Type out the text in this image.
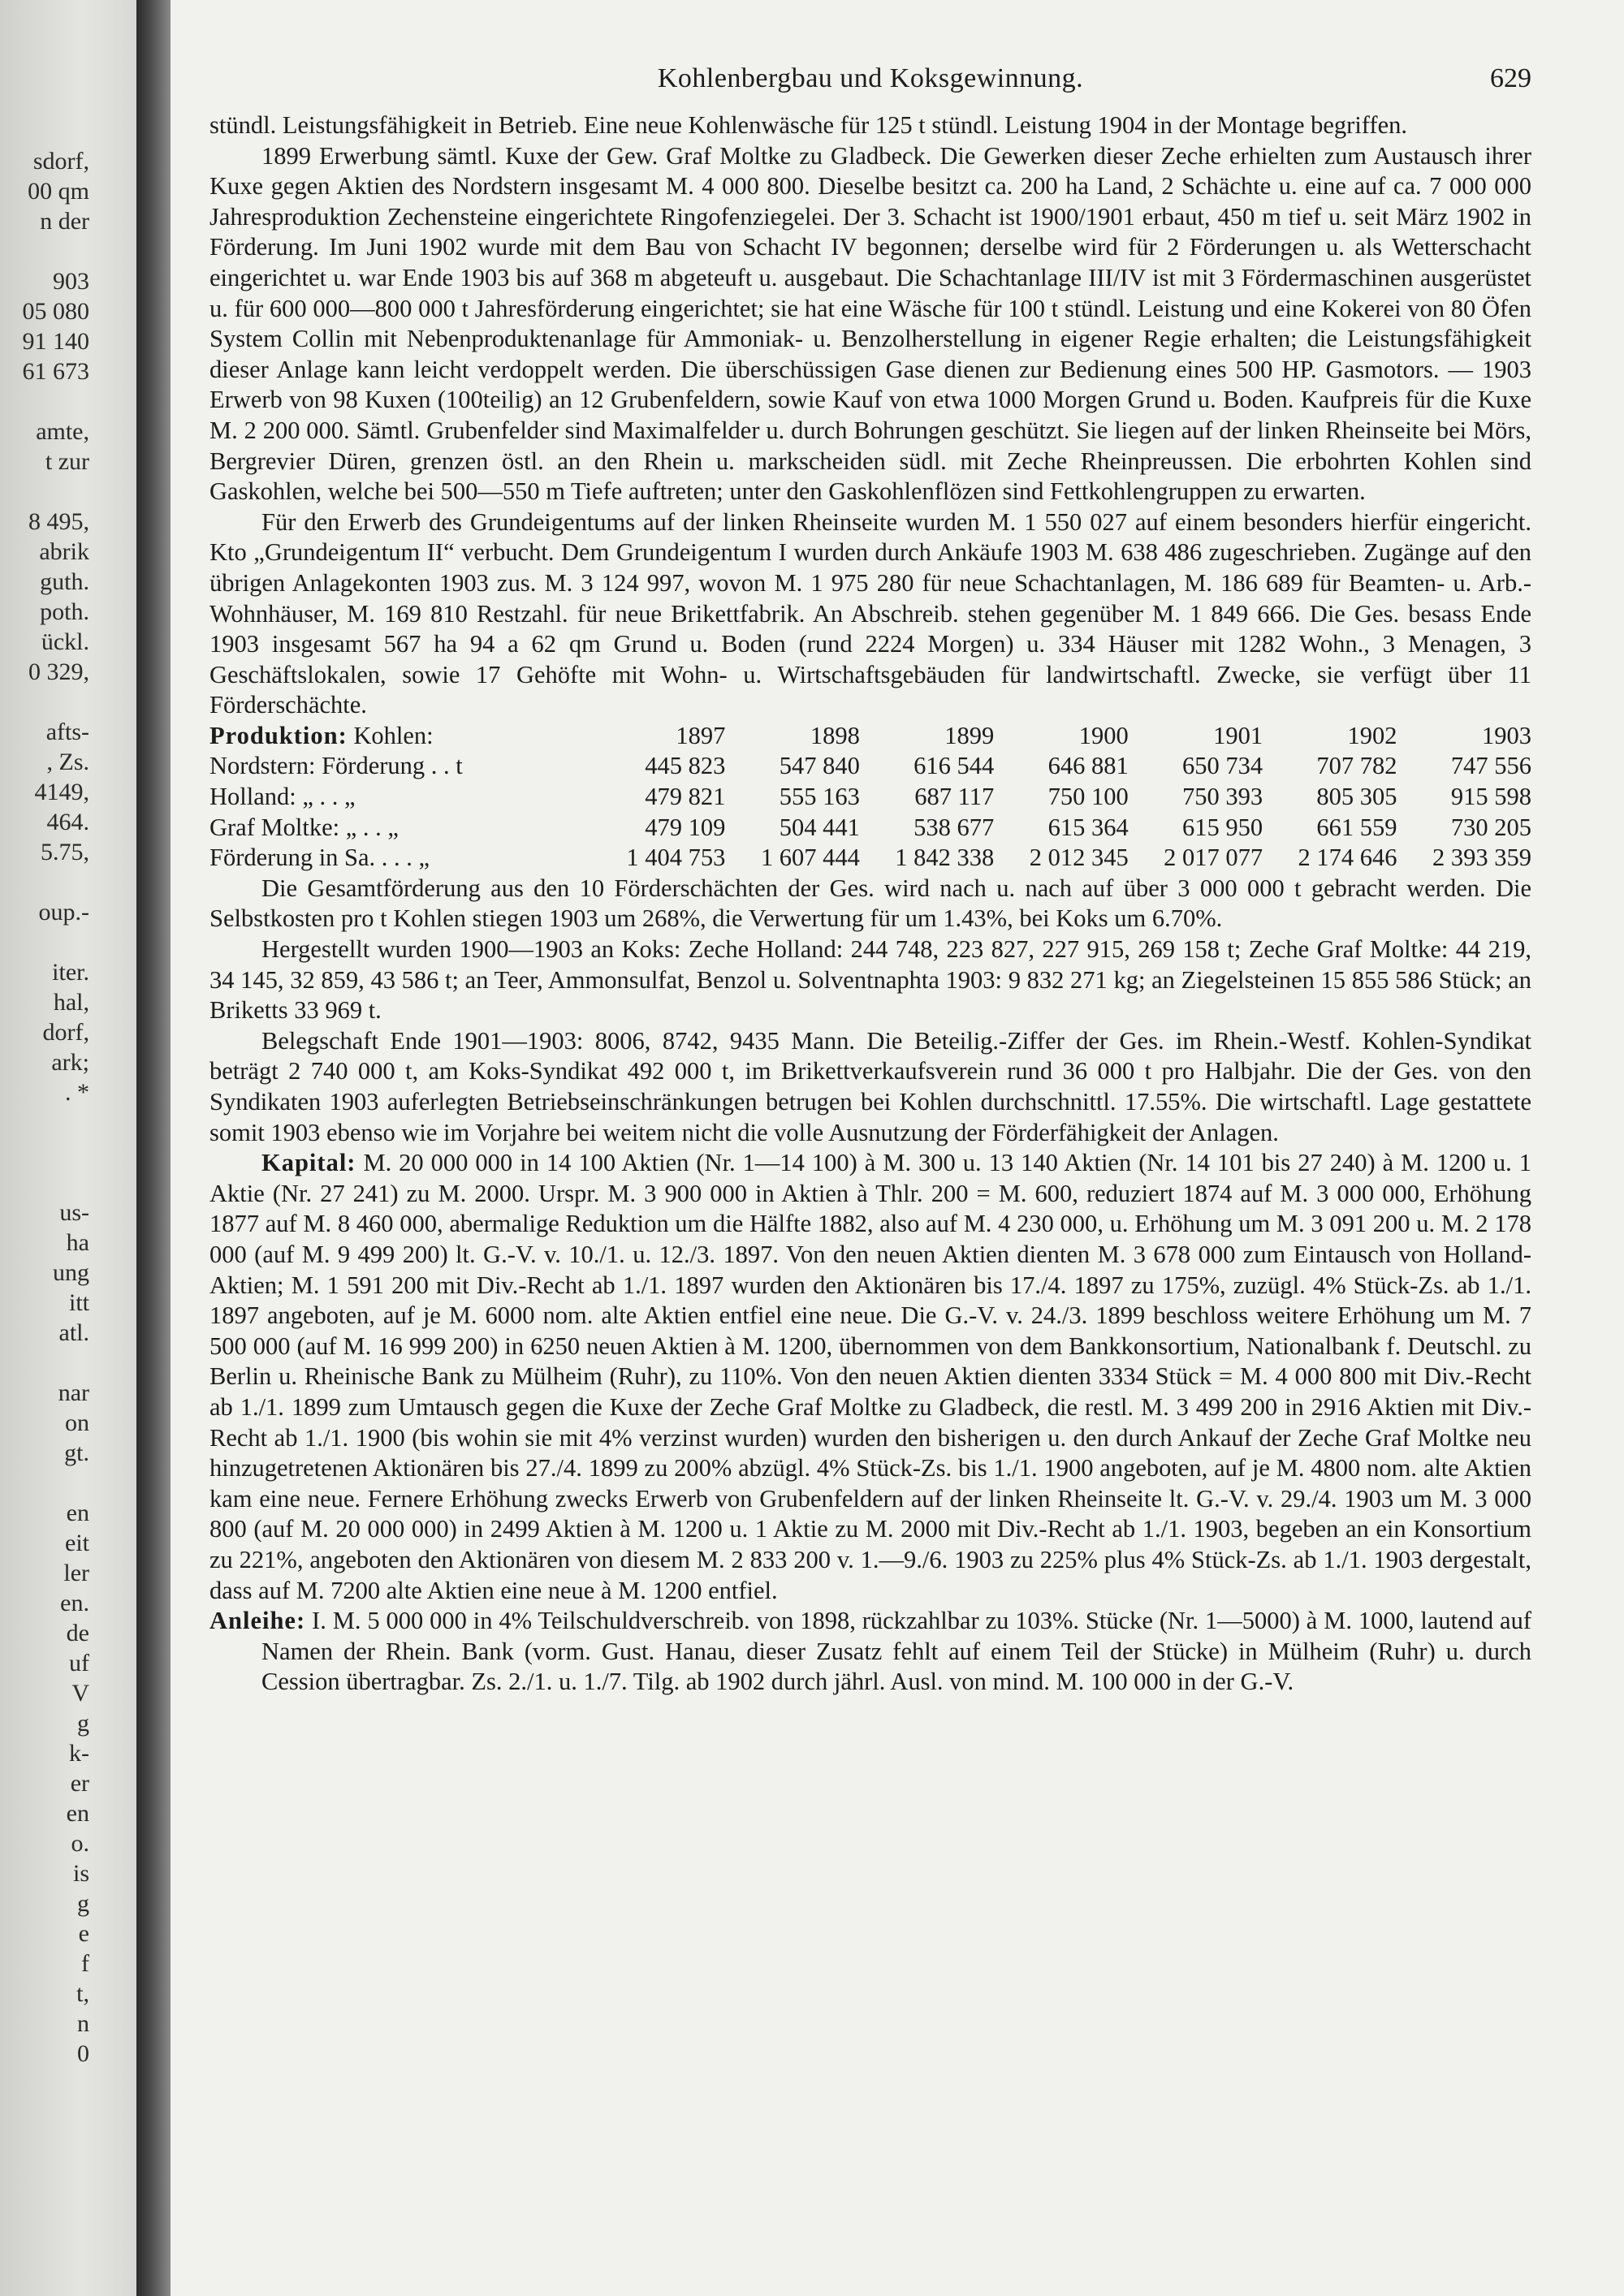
sdorf,
00 qm
n der
903
05 080
91 140
61 673
amte,
t zur
8 495,
abrik
guth.
poth.
ückl.
0 329,
afts-
, Zs.
4149,
464.
5.75,
oup.-
iter.
hal,
dorf,
ark;
. *
us-
ha
ung
itt
atl.
nar
on
gt.
en
eit
ler
en.
de
uf
V
g
k-
er
en
o.
is
g
e
f
t,
n
0
Kohlenbergbau und Koksgewinnung.	629

stündl. Leistungsfähigkeit in Betrieb. Eine neue Kohlenwäsche für 125 t stündl. Leistung 1904 in der Montage begriffen.

1899 Erwerbung sämtl. Kuxe der Gew. Graf Moltke zu Gladbeck. Die Gewerken dieser Zeche erhielten zum Austausch ihrer Kuxe gegen Aktien des Nordstern insgesamt M. 4 000 800. Dieselbe besitzt ca. 200 ha Land, 2 Schächte u. eine auf ca. 7 000 000 Jahresproduktion Zechensteine eingerichtete Ringofenziegelei. Der 3. Schacht ist 1900/1901 erbaut, 450 m tief u. seit März 1902 in Förderung. Im Juni 1902 wurde mit dem Bau von Schacht IV begonnen; derselbe wird für 2 Förderungen u. als Wetterschacht eingerichtet u. war Ende 1903 bis auf 368 m abgeteuft u. ausgebaut. Die Schachtanlage III/IV ist mit 3 Fördermaschinen ausgerüstet u. für 600 000—800 000 t Jahresförderung eingerichtet; sie hat eine Wäsche für 100 t stündl. Leistung und eine Kokerei von 80 Öfen System Collin mit Nebenproduktenanlage für Ammoniak- u. Benzolherstellung in eigener Regie erhalten; die Leistungsfähigkeit dieser Anlage kann leicht verdoppelt werden. Die überschüssigen Gase dienen zur Bedienung eines 500 HP. Gasmotors. — 1903 Erwerb von 98 Kuxen (100teilig) an 12 Grubenfeldern, sowie Kauf von etwa 1000 Morgen Grund u. Boden. Kaufpreis für die Kuxe M. 2 200 000. Sämtl. Grubenfelder sind Maximalfelder u. durch Bohrungen geschützt. Sie liegen auf der linken Rheinseite bei Mörs, Bergrevier Düren, grenzen östl. an den Rhein u. markscheiden südl. mit Zeche Rheinpreussen. Die erbohrten Kohlen sind Gaskohlen, welche bei 500—550 m Tiefe auftreten; unter den Gaskohlenflözen sind Fettkohlengruppen zu erwarten.

Für den Erwerb des Grundeigentums auf der linken Rheinseite wurden M. 1 550 027 auf einem besonders hierfür eingericht. Kto „Grundeigentum II“ verbucht. Dem Grundeigentum I wurden durch Ankäufe 1903 M. 638 486 zugeschrieben. Zugänge auf den übrigen Anlagekonten 1903 zus. M. 3 124 997, wovon M. 1 975 280 für neue Schachtanlagen, M. 186 689 für Beamten- u. Arb.-Wohnhäuser, M. 169 810 Restzahl. für neue Brikettfabrik. An Abschreib. stehen gegenüber M. 1 849 666. Die Ges. besass Ende 1903 insgesamt 567 ha 94 a 62 qm Grund u. Boden (rund 2224 Morgen) u. 334 Häuser mit 1282 Wohn., 3 Menagen, 3 Geschäftslokalen, sowie 17 Gehöfte mit Wohn- u. Wirtschaftsgebäuden für landwirtschaftl. Zwecke, sie verfügt über 11 Förderschächte.

Produktion: Kohlen:	1897	1898	1899	1900	1901	1902	1903
Nordstern: Förderung . . t	445 823	547 840	616 544	646 881	650 734	707 782	747 556
Holland: „ . . „	479 821	555 163	687 117	750 100	750 393	805 305	915 598
Graf Moltke: „ . . „	479 109	504 441	538 677	615 364	615 950	661 559	730 205
Förderung in Sa. . . . „	1 404 753	1 607 444	1 842 338	2 012 345	2 017 077	2 174 646	2 393 359

Die Gesamtförderung aus den 10 Förderschächten der Ges. wird nach u. nach auf über 3 000 000 t gebracht werden. Die Selbstkosten pro t Kohlen stiegen 1903 um 268%, die Verwertung für um 1.43%, bei Koks um 6.70%.

Hergestellt wurden 1900—1903 an Koks: Zeche Holland: 244 748, 223 827, 227 915, 269 158 t; Zeche Graf Moltke: 44 219, 34 145, 32 859, 43 586 t; an Teer, Ammonsulfat, Benzol u. Solventnaphta 1903: 9 832 271 kg; an Ziegelsteinen 15 855 586 Stück; an Briketts 33 969 t.

Belegschaft Ende 1901—1903: 8006, 8742, 9435 Mann. Die Beteilig.-Ziffer der Ges. im Rhein.-Westf. Kohlen-Syndikat beträgt 2 740 000 t, am Koks-Syndikat 492 000 t, im Brikettverkaufsverein rund 36 000 t pro Halbjahr. Die der Ges. von den Syndikaten 1903 auferlegten Betriebseinschränkungen betrugen bei Kohlen durchschnittl. 17.55%. Die wirtschaftl. Lage gestattete somit 1903 ebenso wie im Vorjahre bei weitem nicht die volle Ausnutzung der Förderfähigkeit der Anlagen.

Kapital: M. 20 000 000 in 14 100 Aktien (Nr. 1—14 100) à M. 300 u. 13 140 Aktien (Nr. 14 101 bis 27 240) à M. 1200 u. 1 Aktie (Nr. 27 241) zu M. 2000. Urspr. M. 3 900 000 in Aktien à Thlr. 200 = M. 600, reduziert 1874 auf M. 3 000 000, Erhöhung 1877 auf M. 8 460 000, abermalige Reduktion um die Hälfte 1882, also auf M. 4 230 000, u. Erhöhung um M. 3 091 200 u. M. 2 178 000 (auf M. 9 499 200) lt. G.-V. v. 10./1. u. 12./3. 1897. Von den neuen Aktien dienten M. 3 678 000 zum Eintausch von Holland-Aktien; M. 1 591 200 mit Div.-Recht ab 1./1. 1897 wurden den Aktionären bis 17./4. 1897 zu 175%, zuzügl. 4% Stück-Zs. ab 1./1. 1897 angeboten, auf je M. 6000 nom. alte Aktien entfiel eine neue. Die G.-V. v. 24./3. 1899 beschloss weitere Erhöhung um M. 7 500 000 (auf M. 16 999 200) in 6250 neuen Aktien à M. 1200, übernommen von dem Bankkonsortium, Nationalbank f. Deutschl. zu Berlin u. Rheinische Bank zu Mülheim (Ruhr), zu 110%. Von den neuen Aktien dienten 3334 Stück = M. 4 000 800 mit Div.-Recht ab 1./1. 1899 zum Umtausch gegen die Kuxe der Zeche Graf Moltke zu Gladbeck, die restl. M. 3 499 200 in 2916 Aktien mit Div.-Recht ab 1./1. 1900 (bis wohin sie mit 4% verzinst wurden) wurden den bisherigen u. den durch Ankauf der Zeche Graf Moltke neu hinzugetretenen Aktionären bis 27./4. 1899 zu 200% abzügl. 4% Stück-Zs. bis 1./1. 1900 angeboten, auf je M. 4800 nom. alte Aktien kam eine neue. Fernere Erhöhung zwecks Erwerb von Grubenfeldern auf der linken Rheinseite lt. G.-V. v. 29./4. 1903 um M. 3 000 800 (auf M. 20 000 000) in 2499 Aktien à M. 1200 u. 1 Aktie zu M. 2000 mit Div.-Recht ab 1./1. 1903, begeben an ein Konsortium zu 221%, angeboten den Aktionären von diesem M. 2 833 200 v. 1.—9./6. 1903 zu 225% plus 4% Stück-Zs. ab 1./1. 1903 dergestalt, dass auf M. 7200 alte Aktien eine neue à M. 1200 entfiel.

Anleihe: I. M. 5 000 000 in 4% Teilschuldverschreib. von 1898, rückzahlbar zu 103%. Stücke (Nr. 1—5000) à M. 1000, lautend auf Namen der Rhein. Bank (vorm. Gust. Hanau, dieser Zusatz fehlt auf einem Teil der Stücke) in Mülheim (Ruhr) u. durch Cession übertragbar. Zs. 2./1. u. 1./7. Tilg. ab 1902 durch jährl. Ausl. von mind. M. 100 000 in der G.-V.
